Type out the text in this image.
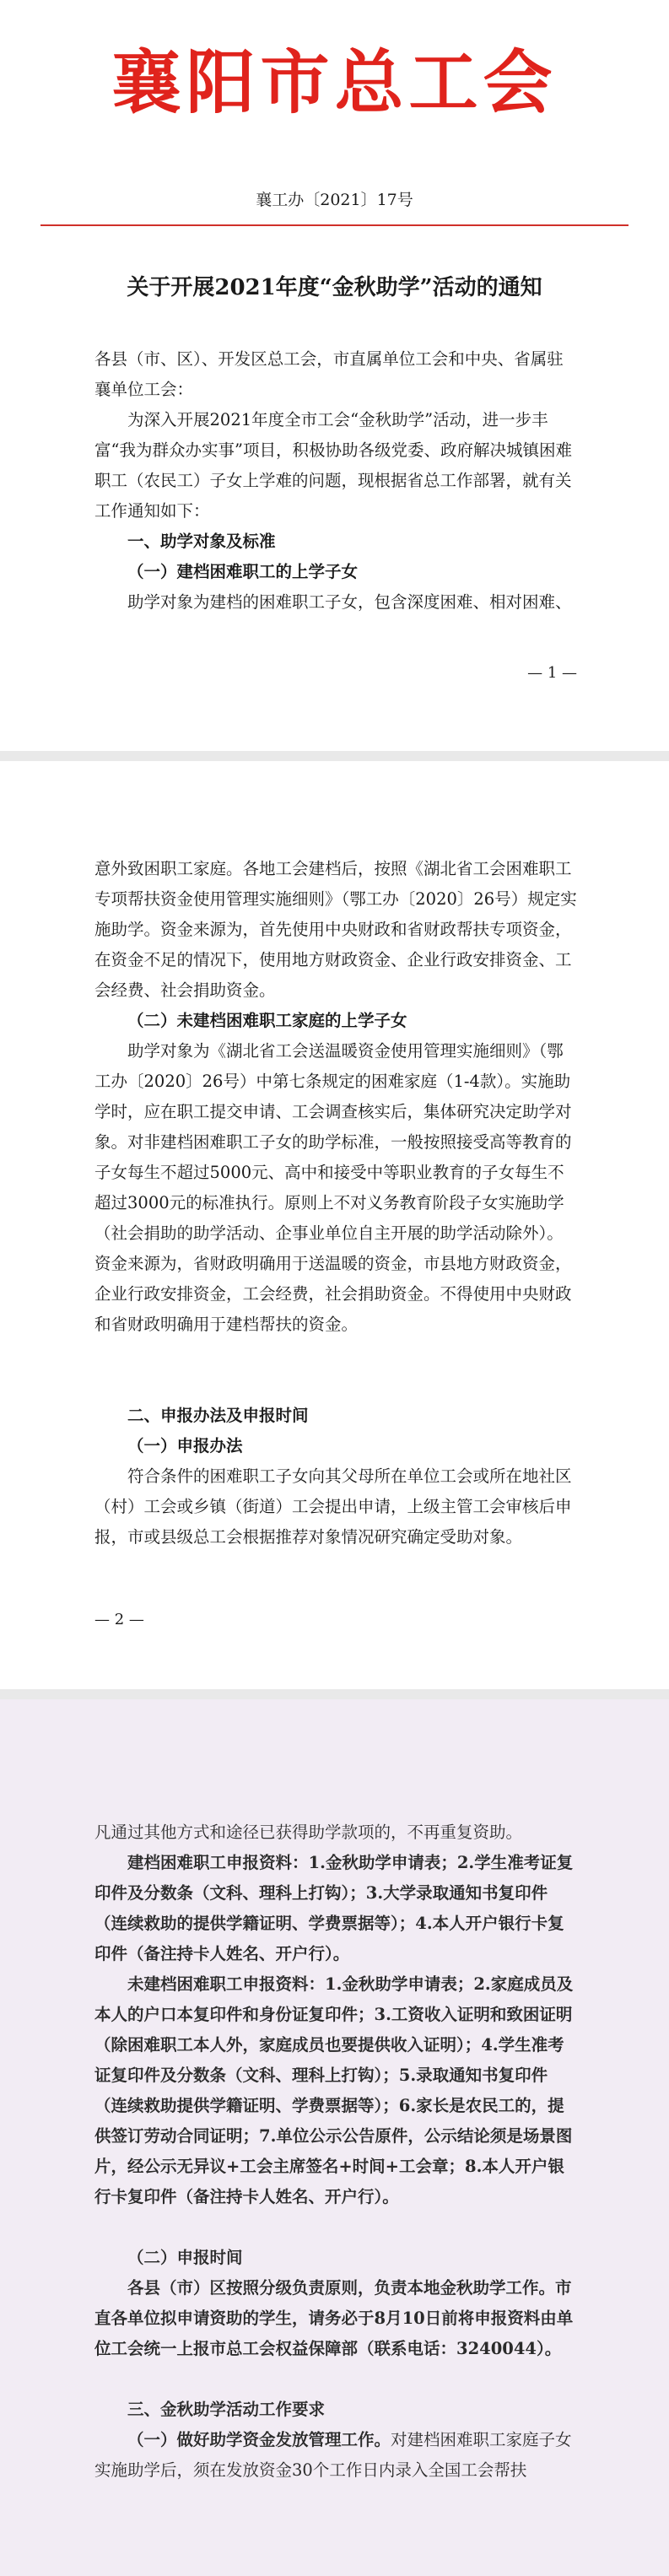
襄阳市总工会
襄工办〔2021〕17号
关于开展2021年度“金秋助学”活动的通知

各县（市、区）、开发区总工会，市直属单位工会和中央、省属驻襄单位工会：

为深入开展2021年度全市工会“金秋助学”活动，进一步丰富“我为群众办实事”项目，积极协助各级党委、政府解决城镇困难职工（农民工）子女上学难的问题，现根据省总工作部署，就有关工作通知如下：

一、助学对象及标准

（一）建档困难职工的上学子女

助学对象为建档的困难职工子女，包含深度困难、相对困难、

— 1 —

意外致困职工家庭。各地工会建档后，按照《湖北省工会困难职工专项帮扶资金使用管理实施细则》（鄂工办〔2020〕26号）规定实施助学。资金来源为，首先使用中央财政和省财政帮扶专项资金，在资金不足的情况下，使用地方财政资金、企业行政安排资金、工会经费、社会捐助资金。

（二）未建档困难职工家庭的上学子女

助学对象为《湖北省工会送温暖资金使用管理实施细则》（鄂工办〔2020〕26号）中第七条规定的困难家庭（1-4款）。实施助学时，应在职工提交申请、工会调查核实后，集体研究决定助学对象。对非建档困难职工子女的助学标准，一般按照接受高等教育的子女每生不超过5000元、高中和接受中等职业教育的子女每生不超过3000元的标准执行。原则上不对义务教育阶段子女实施助学（社会捐助的助学活动、企事业单位自主开展的助学活动除外）。资金来源为，省财政明确用于送温暖的资金，市县地方财政资金，企业行政安排资金，工会经费，社会捐助资金。不得使用中央财政和省财政明确用于建档帮扶的资金。

二、申报办法及申报时间

（一）申报办法

符合条件的困难职工子女向其父母所在单位工会或所在地社区（村）工会或乡镇（街道）工会提出申请，上级主管工会审核后申报，市或县级总工会根据推荐对象情况研究确定受助对象。

— 2 —

凡通过其他方式和途径已获得助学款项的，不再重复资助。

建档困难职工申报资料：1.金秋助学申请表；2.学生准考证复印件及分数条（文科、理科上打钩）；3.大学录取通知书复印件（连续救助的提供学籍证明、学费票据等）；4.本人开户银行卡复印件（备注持卡人姓名、开户行）。

未建档困难职工申报资料：1.金秋助学申请表；2.家庭成员及本人的户口本复印件和身份证复印件；3.工资收入证明和致困证明（除困难职工本人外，家庭成员也要提供收入证明）；4.学生准考证复印件及分数条（文科、理科上打钩）；5.录取通知书复印件（连续救助提供学籍证明、学费票据等）；6.家长是农民工的，提供签订劳动合同证明；7.单位公示公告原件，公示结论须是场景图片，经公示无异议+工会主席签名+时间+工会章；8.本人开户银行卡复印件（备注持卡人姓名、开户行）。

（二）申报时间

各县（市）区按照分级负责原则，负责本地金秋助学工作。市直各单位拟申请资助的学生，请务必于8月10日前将申报资料由单位工会统一上报市总工会权益保障部（联系电话：3240044）。

三、金秋助学活动工作要求

（一）做好助学资金发放管理工作。对建档困难职工家庭子女实施助学后，须在发放资金30个工作日内录入全国工会帮扶
